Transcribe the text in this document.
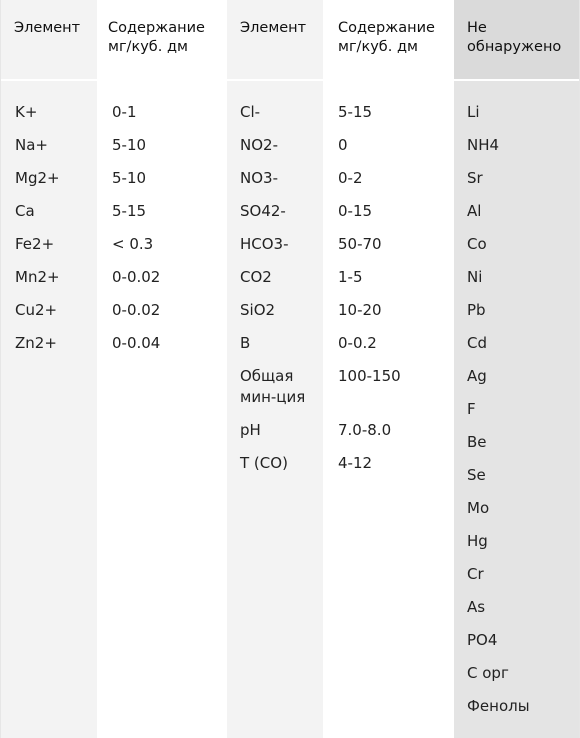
Элемент
K+
Na+
Mg2+
Ca
Fe2+
Mn2+
Cu2+
Zn2+
Содержание мг/куб. дм
0-1
5-10
5-10
5-15
< 0.3
0-0.02
0-0.02
0-0.04
Элемент
Cl-
NO2-
NO3-
SO42-
HCO3-
CO2
SiO2
B
Общая мин-ция
pH
T (CO)
Содержание мг/куб. дм
5-15
0
0-2
0-15
50-70
1-5
10-20
0-0.2
100-150
7.0-8.0
4-12
Не обнаружено
Li
NH4
Sr
Al
Co
Ni
Pb
Cd
Ag
F
Be
Se
Mo
Hg
Cr
As
PO4
С орг
Фенолы
